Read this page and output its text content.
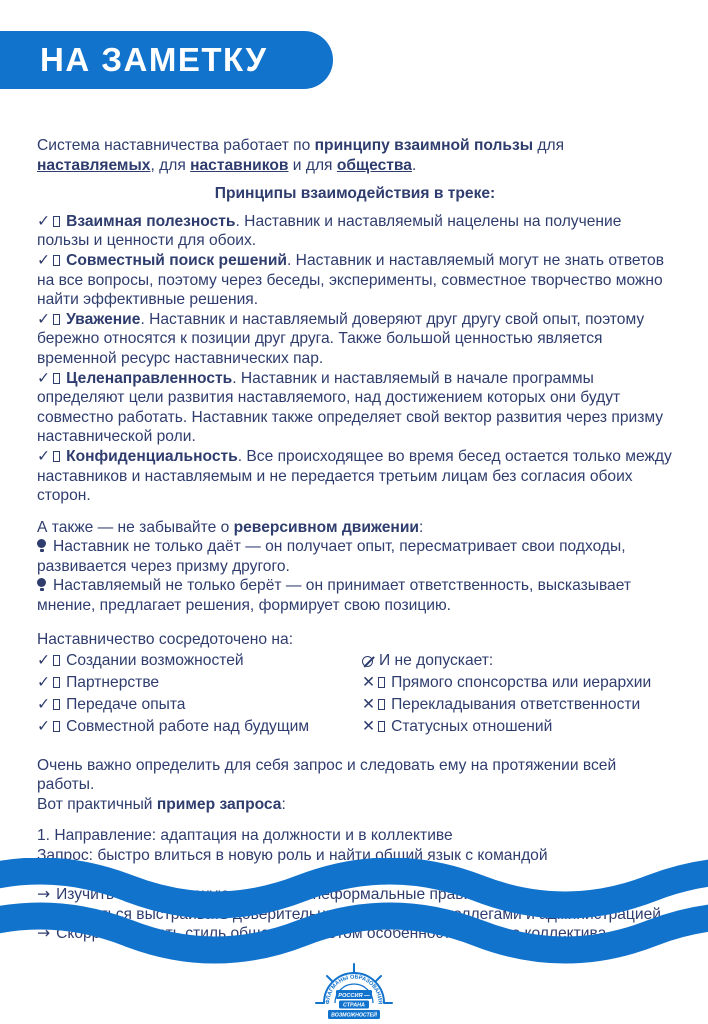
НА ЗАМЕТКУ

Система наставничества работает по принципу взаимной пользы для наставляемых, для наставников и для общества.

Принципы взаимодействия в треке:

✓ Взаимная полезность. Наставник и наставляемый нацелены на получение пользы и ценности для обоих.

✓ Совместный поиск решений. Наставник и наставляемый могут не знать ответов на все вопросы, поэтому через беседы, эксперименты, совместное творчество можно найти эффективные решения.

✓ Уважение. Наставник и наставляемый доверяют друг другу свой опыт, поэтому бережно относятся к позиции друг друга. Также большой ценностью является временной ресурс наставнических пар.

✓ Целенаправленность. Наставник и наставляемый в начале программы определяют цели развития наставляемого, над достижением которых они будут совместно работать. Наставник также определяет свой вектор развития через призму наставнической роли.

✓ Конфиденциальность. Все происходящее во время бесед остается только между наставников и наставляемым и не передается третьим лицам без согласия обоих сторон.

А также — не забывайте о реверсивном движении:

Наставник не только даёт — он получает опыт, пересматривает свои подходы, развивается через призму другого.

Наставляемый не только берёт — он принимает ответственность, высказывает мнение, предлагает решения, формирует свою позицию.

Наставничество сосредоточено на:
✓ Создании возможностей
✓ Партнерстве
✓ Передаче опыта
✓ Совместной работе над будущим
И не допускает:
✕ Прямого спонсорства или иерархии
✕ Перекладывания ответственности
✕ Статусных отношений

Очень важно определить для себя запрос и следовать ему на протяжении всей работы.

Вот практичный пример запроса:

1. Направление: адаптация на должности и в коллективе

Запрос: быстро влиться в новую роль и найти общий язык с командой

Путь:

→ Изучить корпоративную культуру и неформальные правила школы.

→ Научиться выстраивать доверительные отношения с коллегами и администрацией.

→ Скорректировать стиль общения с учётом особенностей нового коллектива.

ФЛАГМАНЫ ОБРАЗОВАНИЯ
РОССИЯ —
СТРАНА
ВОЗМОЖНОСТЕЙ
